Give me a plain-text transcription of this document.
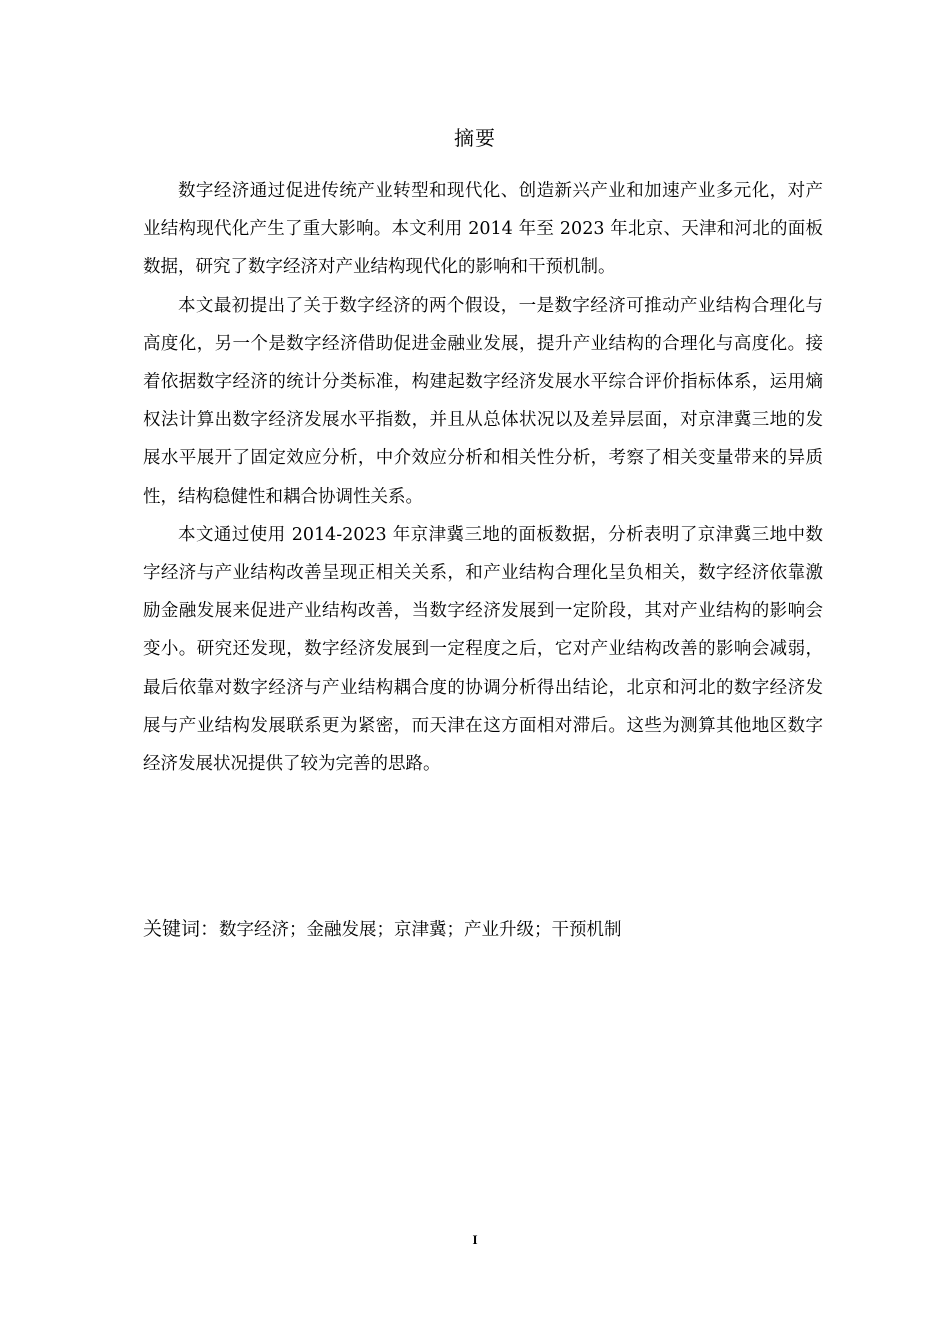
摘要

数字经济通过促进传统产业转型和现代化、创造新兴产业和加速产业多元化，对产业结构现代化产生了重大影响。本文利用 2014 年至 2023 年北京、天津和河北的面板数据，研究了数字经济对产业结构现代化的影响和干预机制。

本文最初提出了关于数字经济的两个假设，一是数字经济可推动产业结构合理化与高度化，另一个是数字经济借助促进金融业发展，提升产业结构的合理化与高度化。接着依据数字经济的统计分类标准，构建起数字经济发展水平综合评价指标体系，运用熵权法计算出数字经济发展水平指数，并且从总体状况以及差异层面，对京津冀三地的发展水平展开了固定效应分析，中介效应分析和相关性分析，考察了相关变量带来的异质性，结构稳健性和耦合协调性关系。

本文通过使用 2014-2023 年京津冀三地的面板数据，分析表明了京津冀三地中数字经济与产业结构改善呈现正相关关系，和产业结构合理化呈负相关，数字经济依靠激励金融发展来促进产业结构改善，当数字经济发展到一定阶段，其对产业结构的影响会变小。研究还发现，数字经济发展到一定程度之后，它对产业结构改善的影响会减弱，最后依靠对数字经济与产业结构耦合度的协调分析得出结论，北京和河北的数字经济发展与产业结构发展联系更为紧密，而天津在这方面相对滞后。这些为测算其他地区数字经济发展状况提供了较为完善的思路。

关键词：数字经济；金融发展；京津冀；产业升级；干预机制
I
